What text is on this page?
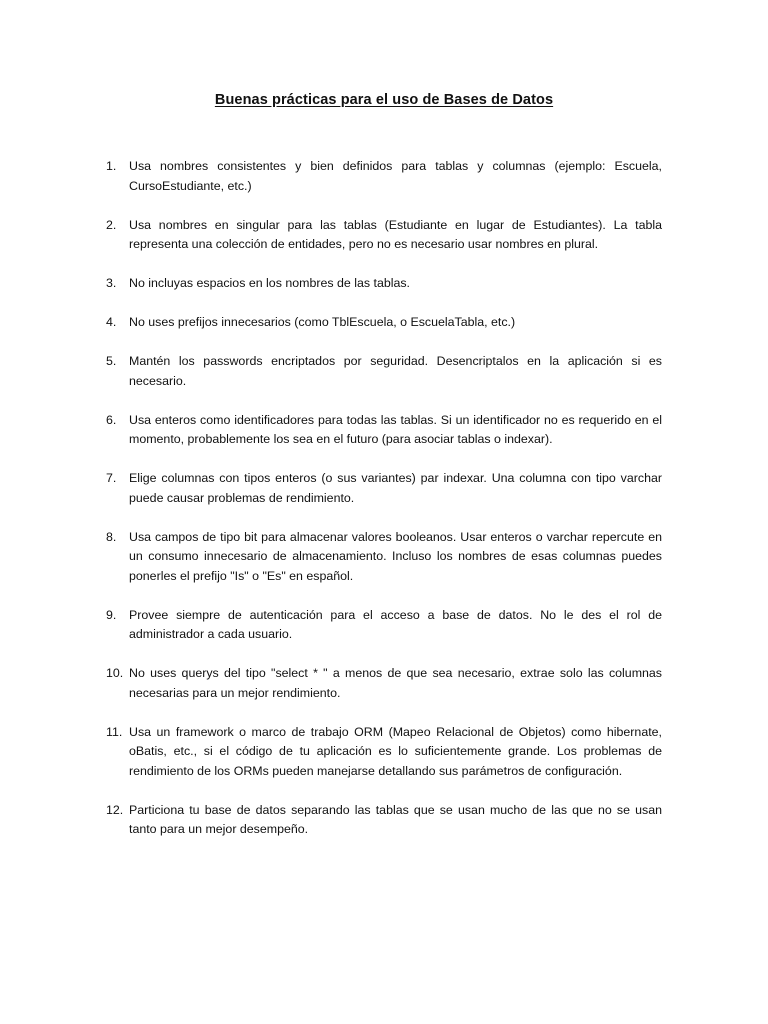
Buenas prácticas para el uso de Bases de Datos
1.	Usa nombres consistentes y bien definidos para tablas y columnas (ejemplo: Escuela, CursoEstudiante, etc.)
2.	Usa nombres en singular para las tablas (Estudiante en lugar de Estudiantes). La tabla representa una colección de entidades, pero no es necesario usar nombres en plural.
3.	No incluyas espacios en los nombres de las tablas.
4.	No uses prefijos innecesarios (como TblEscuela, o EscuelaTabla, etc.)
5.	Mantén los passwords encriptados por seguridad. Desencriptalos en la aplicación si es necesario.
6.	Usa enteros como identificadores para todas las tablas. Si un identificador no es requerido en el momento, probablemente los sea en el futuro (para asociar tablas o indexar).
7.	Elige columnas con tipos enteros (o sus variantes) par indexar. Una columna con tipo varchar puede causar problemas de rendimiento.
8.	Usa campos de tipo bit para almacenar valores booleanos. Usar enteros o varchar repercute en un consumo innecesario de almacenamiento. Incluso los nombres de esas columnas puedes ponerles el prefijo "Is" o "Es" en español.
9.	Provee siempre de autenticación para el acceso a base de datos. No le des el rol de administrador a cada usuario.
10. No uses querys del tipo "select * " a menos de que sea necesario, extrae solo las columnas necesarias para un mejor rendimiento.
11. Usa un framework o marco de trabajo ORM (Mapeo Relacional de Objetos) como hibernate, oBatis, etc., si el código de tu aplicación es lo suficientemente grande. Los problemas de rendimiento de los ORMs pueden manejarse detallando sus parámetros de configuración.
12. Particiona tu base de datos separando las tablas que se usan mucho de las que no se usan tanto para un mejor desempeño.
